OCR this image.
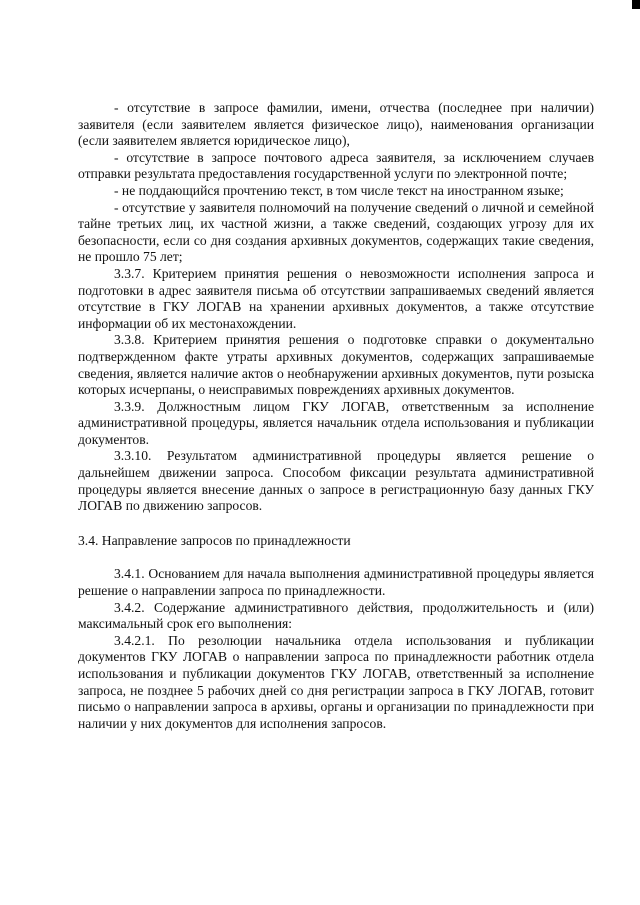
- отсутствие в запросе фамилии, имени, отчества (последнее при наличии) заявителя (если заявителем является физическое лицо), наименования организации (если заявителем является юридическое лицо),

- отсутствие в запросе почтового адреса заявителя, за исключением случаев отправки результата предоставления государственной услуги по электронной почте;

- не поддающийся прочтению текст, в том числе текст на иностранном языке;

- отсутствие у заявителя полномочий на получение сведений о личной и семейной тайне третьих лиц, их частной жизни, а также сведений, создающих угрозу для их безопасности, если со дня создания архивных документов, содержащих такие сведения, не прошло 75 лет;

3.3.7. Критерием принятия решения о невозможности исполнения запроса и подготовки в адрес заявителя письма об отсутствии запрашиваемых сведений является отсутствие в ГКУ ЛОГАВ на хранении архивных документов, а также отсутствие информации об их местонахождении.

3.3.8. Критерием принятия решения о подготовке справки о документально подтвержденном факте утраты архивных документов, содержащих запрашиваемые сведения, является наличие актов о необнаружении архивных документов, пути розыска которых исчерпаны, о неисправимых повреждениях архивных документов.

3.3.9. Должностным лицом ГКУ ЛОГАВ, ответственным за исполнение административной процедуры, является начальник отдела использования и публикации документов.

3.3.10. Результатом административной процедуры является решение о дальнейшем движении запроса. Способом фиксации результата административной процедуры является внесение данных о запросе в регистрационную базу данных ГКУ ЛОГАВ по движению запросов.

3.4. Направление запросов по принадлежности

3.4.1. Основанием для начала выполнения административной процедуры является решение о направлении запроса по принадлежности.

3.4.2. Содержание административного действия, продолжительность и (или) максимальный срок его выполнения:

3.4.2.1. По резолюции начальника отдела использования и публикации документов ГКУ ЛОГАВ о направлении запроса по принадлежности работник отдела использования и публикации документов ГКУ ЛОГАВ, ответственный за исполнение запроса, не позднее 5 рабочих дней со дня регистрации запроса в ГКУ ЛОГАВ, готовит письмо о направлении запроса в архивы, органы и организации по принадлежности при наличии у них документов для исполнения запросов.
